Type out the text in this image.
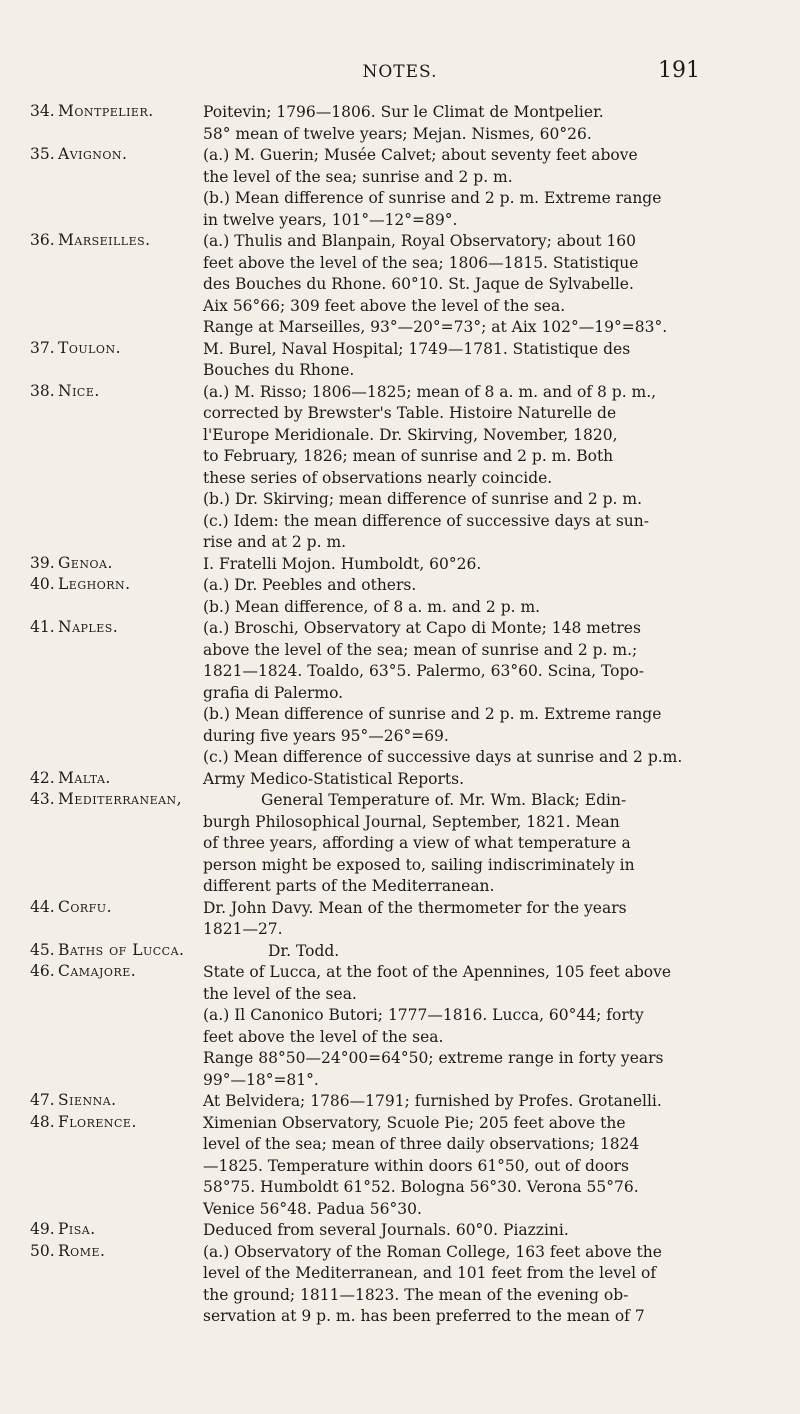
NOTES.	191
34. Montpelier.	Poitevin; 1796—1806. Sur le Climat de Montpelier.
58° mean of twelve years; Mejan. Nismes, 60°26.
35. Avignon.	(a.) M. Guerin; Musée Calvet; about seventy feet above
the level of the sea; sunrise and 2 p. m.
(b.) Mean difference of sunrise and 2 p. m. Extreme range
in twelve years, 101°—12°=89°.
36. Marseilles.	(a.) Thulis and Blanpain, Royal Observatory; about 160
feet above the level of the sea; 1806—1815. Statistique
des Bouches du Rhone. 60°10. St. Jaque de Sylvabelle.
Aix 56°66; 309 feet above the level of the sea.
Range at Marseilles, 93°—20°=73°; at Aix 102°—19°=83°.
37. Toulon.	M. Burel, Naval Hospital; 1749—1781. Statistique des
Bouches du Rhone.
38. Nice.	(a.) M. Risso; 1806—1825; mean of 8 a. m. and of 8 p. m.,
corrected by Brewster's Table. Histoire Naturelle de
l'Europe Meridionale. Dr. Skirving, November, 1820,
to February, 1826; mean of sunrise and 2 p. m. Both
these series of observations nearly coincide.
(b.) Dr. Skirving; mean difference of sunrise and 2 p. m.
(c.) Idem: the mean difference of successive days at sun-
rise and at 2 p. m.
39. Genoa.	I. Fratelli Mojon. Humboldt, 60°26.
40. Leghorn.	(a.) Dr. Peebles and others.
(b.) Mean difference, of 8 a. m. and 2 p. m.
41. Naples.	(a.) Broschi, Observatory at Capo di Monte; 148 metres
above the level of the sea; mean of sunrise and 2 p. m.;
1821—1824. Toaldo, 63°5. Palermo, 63°60. Scina, Topo-
grafia di Palermo.
(b.) Mean difference of sunrise and 2 p. m. Extreme range
during five years 95°—26°=69.
(c.) Mean difference of successive days at sunrise and 2 p.m.
42. Malta.	Army Medico-Statistical Reports.
43. Mediterranean,	General Temperature of. Mr. Wm. Black; Edin-
burgh Philosophical Journal, September, 1821. Mean
of three years, affording a view of what temperature a
person might be exposed to, sailing indiscriminately in
different parts of the Mediterranean.
44. Corfu.	Dr. John Davy. Mean of the thermometer for the years
1821—27.
45. Baths of Lucca.	Dr. Todd.
46. Camajore.	State of Lucca, at the foot of the Apennines, 105 feet above
the level of the sea.
(a.) Il Canonico Butori; 1777—1816. Lucca, 60°44; forty
feet above the level of the sea.
Range 88°50—24°00=64°50; extreme range in forty years
99°—18°=81°.
47. Sienna.	At Belvidera; 1786—1791; furnished by Profes. Grotanelli.
48. Florence.	Ximenian Observatory, Scuole Pie; 205 feet above the
level of the sea; mean of three daily observations; 1824
—1825. Temperature within doors 61°50, out of doors
58°75. Humboldt 61°52. Bologna 56°30. Verona 55°76.
Venice 56°48. Padua 56°30.
49. Pisa.	Deduced from several Journals. 60°0. Piazzini.
50. Rome.	(a.) Observatory of the Roman College, 163 feet above the
level of the Mediterranean, and 101 feet from the level of
the ground; 1811—1823. The mean of the evening ob-
servation at 9 p. m. has been preferred to the mean of 7
